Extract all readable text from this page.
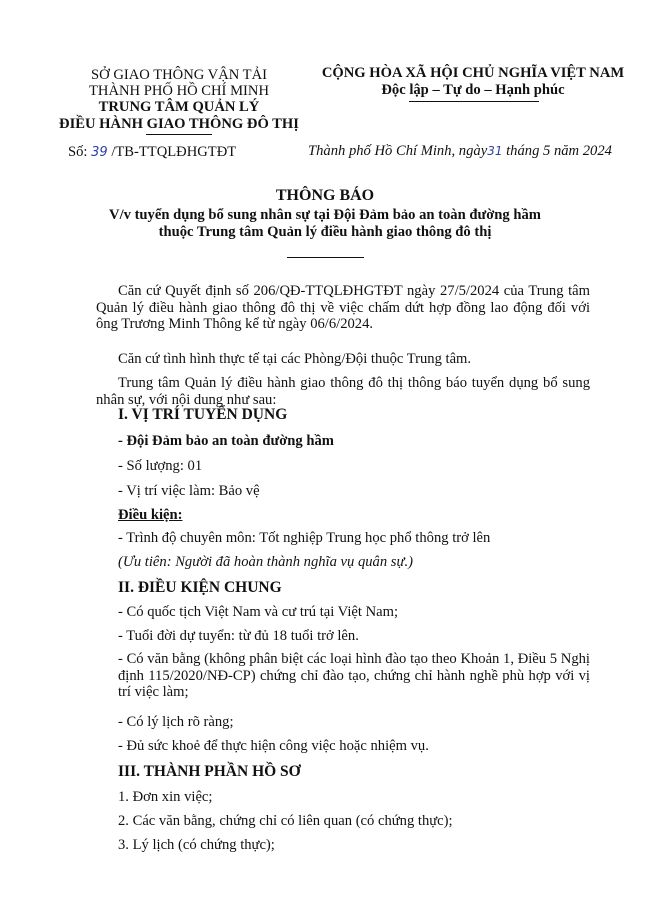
SỞ GIAO THÔNG VẬN TẢI
THÀNH PHỐ HỒ CHÍ MINH
TRUNG TÂM QUẢN LÝ
ĐIỀU HÀNH GIAO THÔNG ĐÔ THỊ
Số: 39 /TB-TTQLĐHGTĐT
CỘNG HÒA XÃ HỘI CHỦ NGHĨA VIỆT NAM
Độc lập – Tự do – Hạnh phúc
Thành phố Hồ Chí Minh, ngày31 tháng 5 năm 2024
THÔNG BÁO
V/v tuyển dụng bổ sung nhân sự tại Đội Đảm bảo an toàn đường hầm
thuộc Trung tâm Quản lý điều hành giao thông đô thị
Căn cứ Quyết định số 206/QĐ-TTQLĐHGTĐT ngày 27/5/2024 của Trung tâm Quản lý điều hành giao thông đô thị về việc chấm dứt hợp đồng lao động đối với ông Trương Minh Thông kể từ ngày 06/6/2024.
Căn cứ tình hình thực tế tại các Phòng/Đội thuộc Trung tâm.
Trung tâm Quản lý điều hành giao thông đô thị thông báo tuyển dụng bổ sung nhân sự, với nội dung như sau:
I. VỊ TRÍ TUYỂN DỤNG
- Đội Đảm bảo an toàn đường hầm
- Số lượng: 01
- Vị trí việc làm: Bảo vệ
Điều kiện:
- Trình độ chuyên môn: Tốt nghiệp Trung học phổ thông trở lên
(Ưu tiên: Người đã hoàn thành nghĩa vụ quân sự.)
II. ĐIỀU KIỆN CHUNG
- Có quốc tịch Việt Nam và cư trú tại Việt Nam;
- Tuổi đời dự tuyển: từ đủ 18 tuổi trở lên.
- Có văn bằng (không phân biệt các loại hình đào tạo theo Khoản 1, Điều 5 Nghị định 115/2020/NĐ-CP) chứng chỉ đào tạo, chứng chỉ hành nghề phù hợp với vị trí việc làm;
- Có lý lịch rõ ràng;
- Đủ sức khoẻ để thực hiện công việc hoặc nhiệm vụ.
III. THÀNH PHẦN HỒ SƠ
1. Đơn xin việc;
2. Các văn bằng, chứng chỉ có liên quan (có chứng thực);
3. Lý lịch (có chứng thực);
